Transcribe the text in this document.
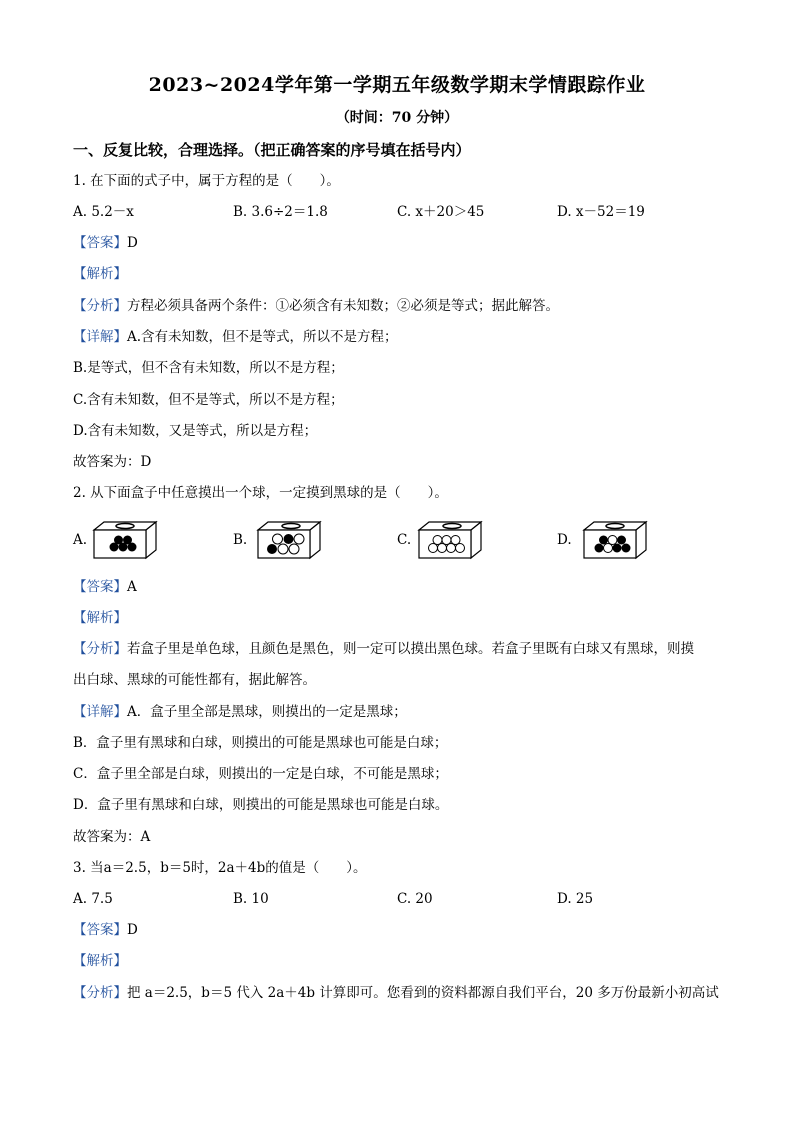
2023~2024学年第一学期五年级数学期末学情跟踪作业
（时间：70 分钟）
一、反复比较，合理选择。（把正确答案的序号填在括号内）
1. 在下面的式子中，属于方程的是（　　）。
A. 5.2－x	B. 3.6÷2＝1.8	C. x＋20＞45	D. x－52＝19
【答案】D
【解析】
【分析】方程必须具备两个条件：①必须含有未知数；②必须是等式；据此解答。
【详解】A.含有未知数，但不是等式，所以不是方程；
B.是等式，但不含有未知数，所以不是方程；
C.含有未知数，但不是等式，所以不是方程；
D.含有未知数，又是等式，所以是方程；
故答案为：D
2. 从下面盒子中任意摸出一个球，一定摸到黑球的是（　　）。
A.	B.	C.	D.
【答案】A
【解析】
【分析】若盒子里是单色球，且颜色是黑色，则一定可以摸出黑色球。若盒子里既有白球又有黑球，则摸
出白球、黑球的可能性都有，据此解答。
【详解】A．盒子里全部是黑球，则摸出的一定是黑球；
B．盒子里有黑球和白球，则摸出的可能是黑球也可能是白球；
C．盒子里全部是白球，则摸出的一定是白球，不可能是黑球；
D．盒子里有黑球和白球，则摸出的可能是黑球也可能是白球。
故答案为：A
3. 当a＝2.5，b＝5时，2a＋4b的值是（　　）。
A. 7.5	B. 10	C. 20	D. 25
【答案】D
【解析】
【分析】把 a＝2.5，b＝5 代入 2a＋4b 计算即可。您看到的资料都源自我们平台，20 多万份最新小初高试
